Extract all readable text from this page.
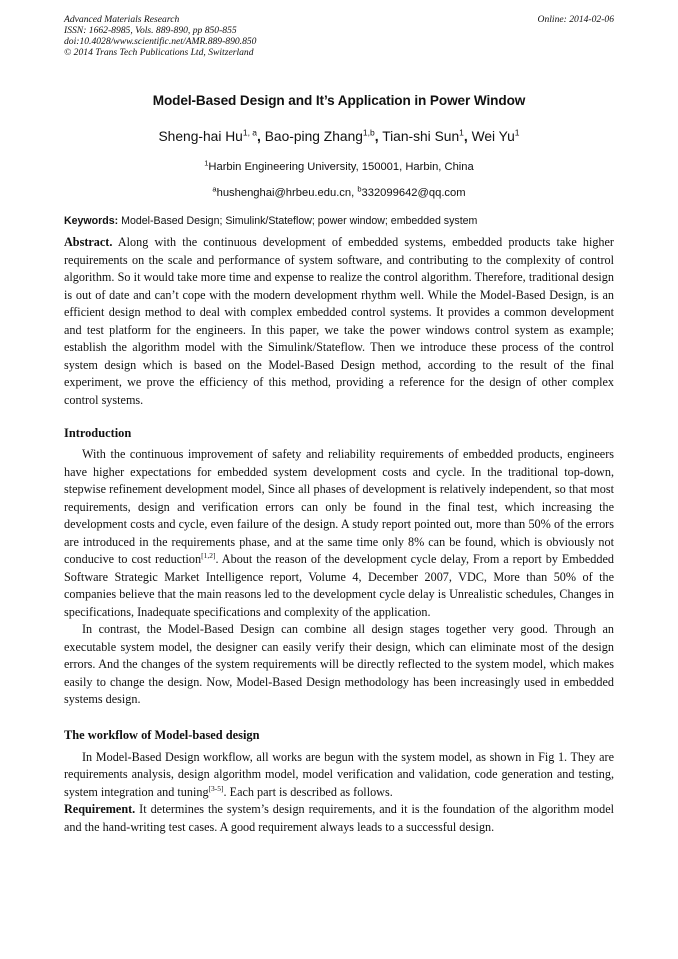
Advanced Materials Research
ISSN: 1662-8985, Vols. 889-890, pp 850-855
doi:10.4028/www.scientific.net/AMR.889-890.850
© 2014 Trans Tech Publications Ltd, Switzerland
Online: 2014-02-06
Model-Based Design and It’s Application in Power Window
Sheng-hai Hu$^{1, a}$, Bao-ping Zhang$^{1,b}$, Tian-shi Sun$^1$, Wei Yu$^1$
$^1$Harbin Engineering University, 150001, Harbin, China
$^a$hushenghai@hrbeu.edu.cn, $^b$332099642@qq.com
Keywords: Model-Based Design; Simulink/Stateflow; power window; embedded system

Abstract. Along with the continuous development of embedded systems, embedded products take higher requirements on the scale and performance of system software, and contributing to the complexity of control algorithm. So it would take more time and expense to realize the control algorithm. Therefore, traditional design is out of date and can’t cope with the modern development rhythm well. While the Model-Based Design, is an efficient design method to deal with complex embedded control systems. It provides a common development and test platform for the engineers. In this paper, we take the power windows control system as example; establish the algorithm model with the Simulink/Stateflow. Then we introduce these process of the control system design which is based on the Model-Based Design method, according to the result of the final experiment, we prove the efficiency of this method, providing a reference for the design of other complex control systems.

Introduction

With the continuous improvement of safety and reliability requirements of embedded products, engineers have higher expectations for embedded system development costs and cycle. In the traditional top-down, stepwise refinement development model, Since all phases of development is relatively independent, so that most requirements, design and verification errors can only be found in the final test, which increasing the development costs and cycle, even failure of the design. A study report pointed out, more than 50% of the errors are introduced in the requirements phase, and at the same time only 8% can be found, which is obviously not conducive to cost reduction[1,2]. About the reason of the development cycle delay, From a report by Embedded Software Strategic Market Intelligence report, Volume 4, December 2007, VDC, More than 50% of the companies believe that the main reasons led to the development cycle delay is Unrealistic schedules, Changes in specifications, Inadequate specifications and complexity of the application.

In contrast, the Model-Based Design can combine all design stages together very good. Through an executable system model, the designer can easily verify their design, which can eliminate most of the design errors. And the changes of the system requirements will be directly reflected to the system model, which makes easily to change the design. Now, Model-Based Design methodology has been increasingly used in embedded systems design.

The workflow of Model-based design

In Model-Based Design workflow, all works are begun with the system model, as shown in Fig 1. They are requirements analysis, design algorithm model, model verification and validation, code generation and testing, system integration and tuning[3-5]. Each part is described as follows.

Requirement. It determines the system’s design requirements, and it is the foundation of the algorithm model and the hand-writing test cases. A good requirement always leads to a successful design.
